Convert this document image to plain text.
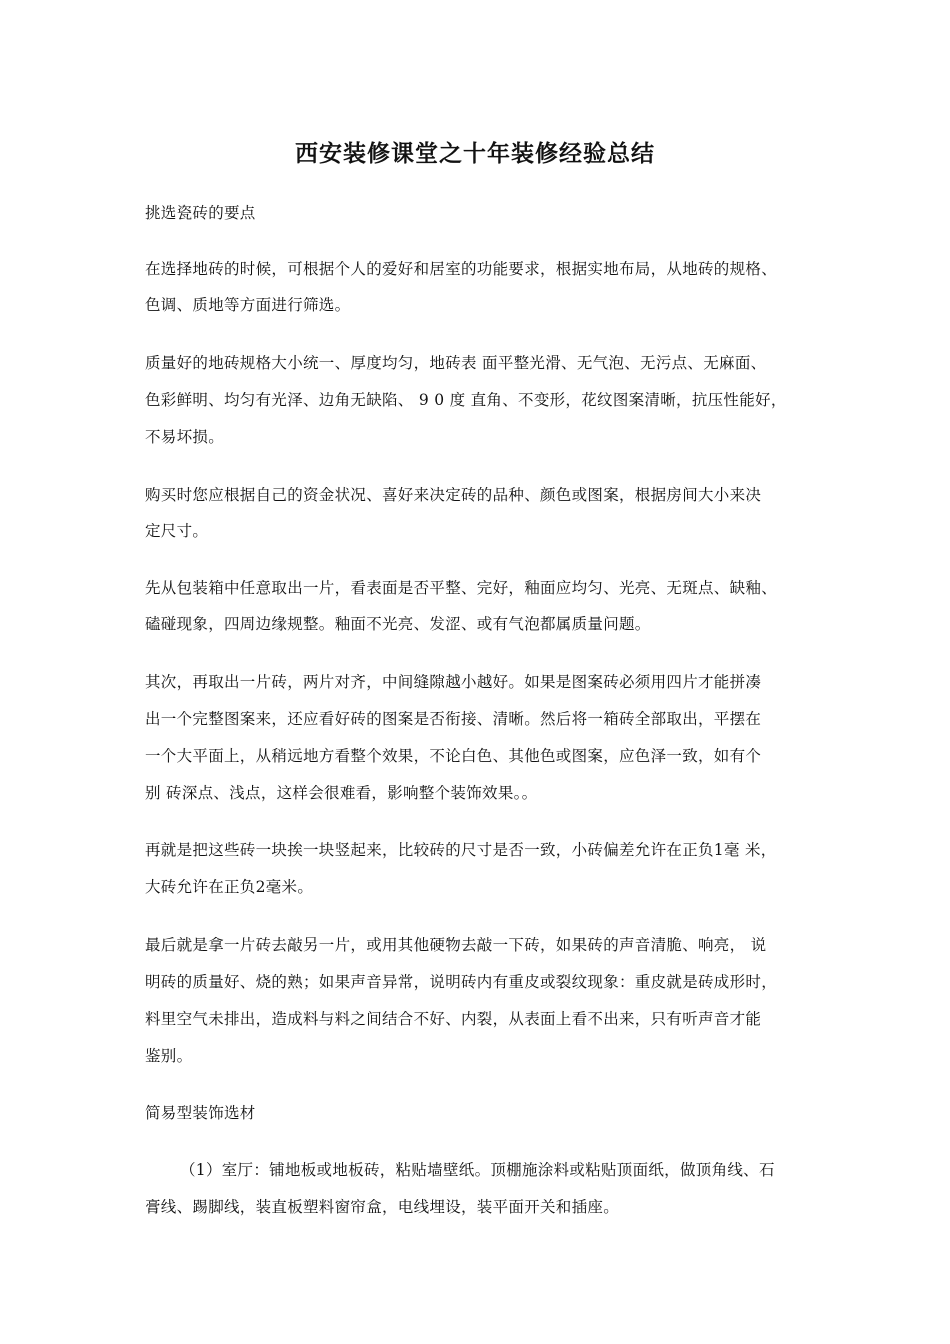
西安装修课堂之十年装修经验总结
挑选瓷砖的要点
在选择地砖的时候，可根据个人的爱好和居室的功能要求，根据实地布局，从地砖的规格、
色调、质地等方面进行筛选。
质量好的地砖规格大小统一、厚度均匀，地砖表 面平整光滑、无气泡、无污点、无麻面、
色彩鲜明、均匀有光泽、边角无缺陷、 9 0 度 直角、不变形，花纹图案清晰，抗压性能好，
不易坏损。
购买时您应根据自己的资金状况、喜好来决定砖的品种、颜色或图案，根据房间大小来决
定尺寸。
先从包装箱中任意取出一片，看表面是否平整、完好，釉面应均匀、光亮、无斑点、缺釉、
磕碰现象，四周边缘规整。釉面不光亮、发涩、或有气泡都属质量问题。
其次，再取出一片砖，两片对齐，中间缝隙越小越好。如果是图案砖必须用四片才能拼凑
出一个完整图案来，还应看好砖的图案是否衔接、清晰。然后将一箱砖全部取出，平摆在
一个大平面上，从稍远地方看整个效果，不论白色、其他色或图案，应色泽一致，如有个
别 砖深点、浅点，这样会很难看，影响整个装饰效果。。
再就是把这些砖一块挨一块竖起来，比较砖的尺寸是否一致，小砖偏差允许在正负1毫 米，
大砖允许在正负2毫米。
最后就是拿一片砖去敲另一片，或用其他硬物去敲一下砖，如果砖的声音清脆、响亮， 说
明砖的质量好、烧的熟；如果声音异常，说明砖内有重皮或裂纹现象：重皮就是砖成形时，
料里空气未排出，造成料与料之间结合不好、内裂，从表面上看不出来，只有听声音才能
鉴别。
简易型装饰选材
（1）室厅：铺地板或地板砖，粘贴墙壁纸。顶棚施涂料或粘贴顶面纸，做顶角线、石
膏线、踢脚线，装直板塑料窗帘盒，电线埋设，装平面开关和插座。
